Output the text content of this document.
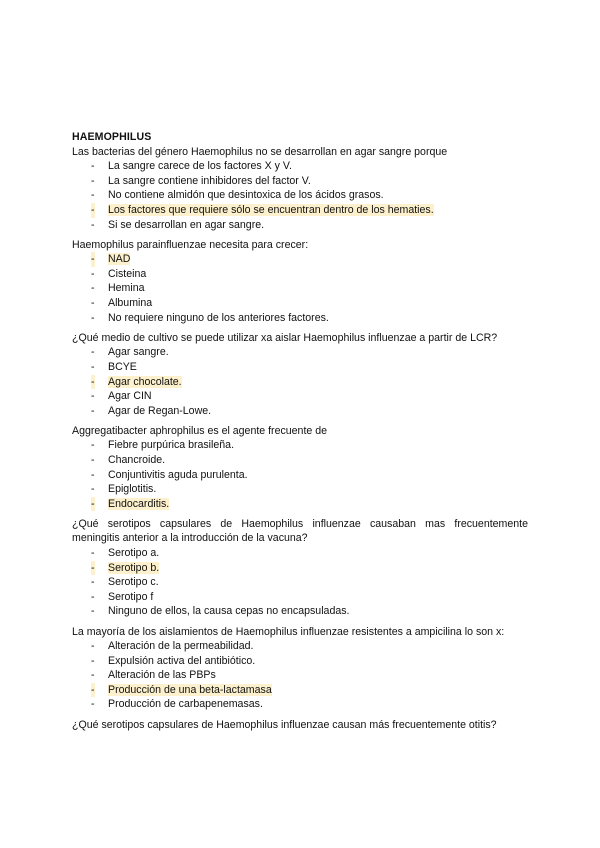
HAEMOPHILUS

Las bacterias del género Haemophilus no se desarrollan en agar sangre porque

- La sangre carece de los factores X y V.
- La sangre contiene inhibidores del factor V.
- No contiene almidón que desintoxica de los ácidos grasos.
- Los factores que requiere sólo se encuentran dentro de los hematies.
- Si se desarrollan en agar sangre.

Haemophilus parainfluenzae necesita para crecer:

- NAD
- Cisteina
- Hemina
- Albumina
- No requiere ninguno de los anteriores factores.

¿Qué medio de cultivo se puede utilizar xa aislar Haemophilus influenzae a partir de LCR?

- Agar sangre.
- BCYE
- Agar chocolate.
- Agar CIN
- Agar de Regan-Lowe.

Aggregatibacter aphrophilus es el agente frecuente de

- Fiebre purpúrica brasileña.
- Chancroide.
- Conjuntivitis aguda purulenta.
- Epiglotitis.
- Endocarditis.

¿Qué serotipos capsulares de Haemophilus influenzae causaban mas frecuentemente meningitis anterior a la introducción de la vacuna?

- Serotipo a.
- Serotipo b.
- Serotipo c.
- Serotipo f
- Ninguno de ellos, la causa cepas no encapsuladas.

La mayoría de los aislamientos de Haemophilus influenzae resistentes a ampicilina lo son x:

- Alteración de la permeabilidad.
- Expulsión activa del antibiótico.
- Alteración de las PBPs
- Producción de una beta-lactamasa
- Producción de carbapenemasas.

¿Qué serotipos capsulares de Haemophilus influenzae causan más frecuentemente otitis?
